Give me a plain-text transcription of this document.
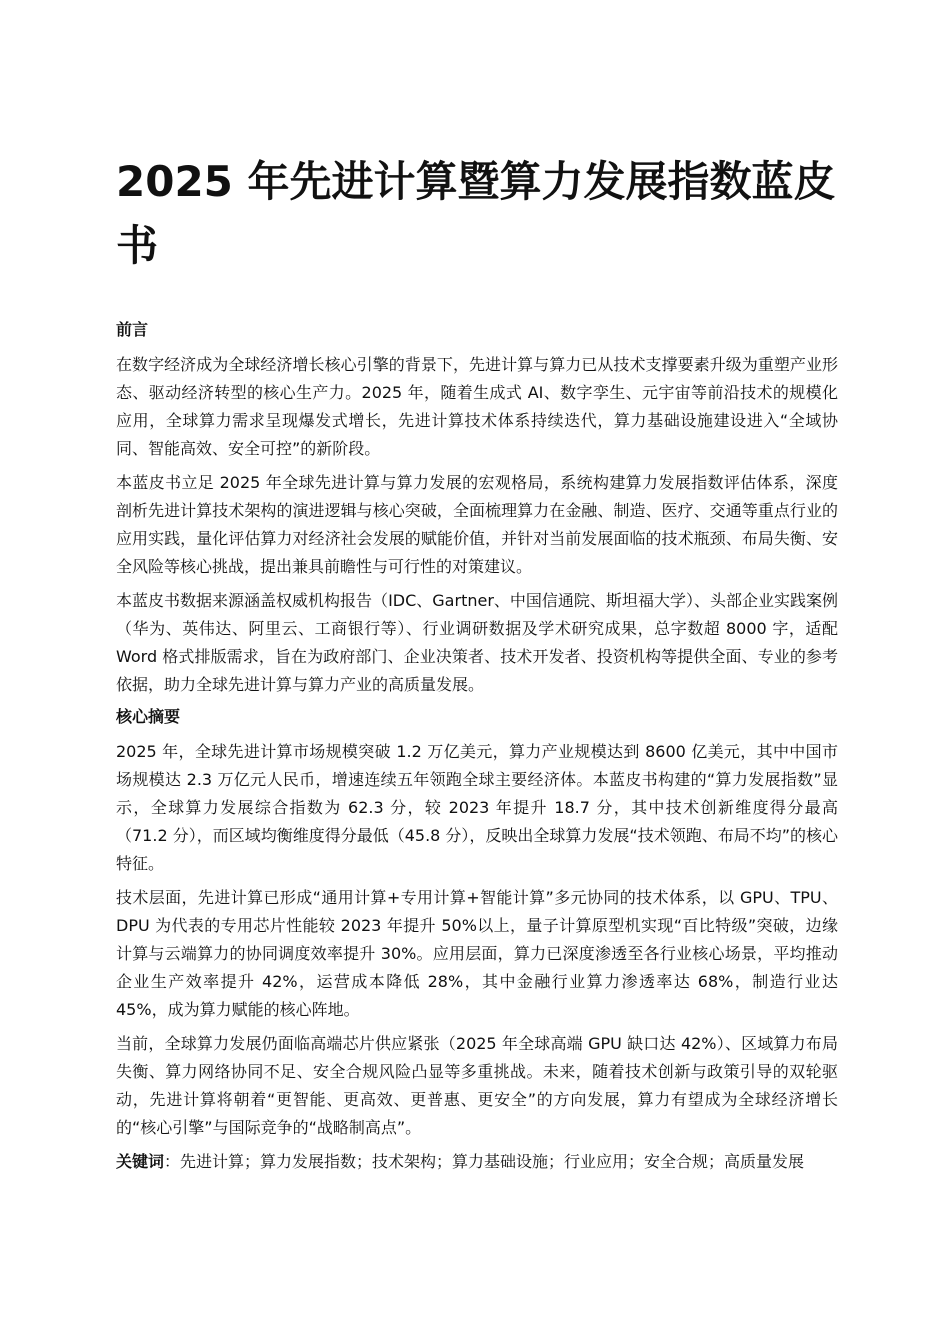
2025 年先进计算暨算力发展指数蓝皮书
前言

在数字经济成为全球经济增长核心引擎的背景下，先进计算与算力已从技术支撑要素升级为重塑产业形态、驱动经济转型的核心生产力。2025 年，随着生成式 AI、数字孪生、元宇宙等前沿技术的规模化应用，全球算力需求呈现爆发式增长，先进计算技术体系持续迭代，算力基础设施建设进入“全域协同、智能高效、安全可控”的新阶段。

本蓝皮书立足 2025 年全球先进计算与算力发展的宏观格局，系统构建算力发展指数评估体系，深度剖析先进计算技术架构的演进逻辑与核心突破，全面梳理算力在金融、制造、医疗、交通等重点行业的应用实践，量化评估算力对经济社会发展的赋能价值，并针对当前发展面临的技术瓶颈、布局失衡、安全风险等核心挑战，提出兼具前瞻性与可行性的对策建议。

本蓝皮书数据来源涵盖权威机构报告（IDC、Gartner、中国信通院、斯坦福大学）、头部企业实践案例（华为、英伟达、阿里云、工商银行等）、行业调研数据及学术研究成果，总字数超 8000 字，适配 Word 格式排版需求，旨在为政府部门、企业决策者、技术开发者、投资机构等提供全面、专业的参考依据，助力全球先进计算与算力产业的高质量发展。

核心摘要

2025 年，全球先进计算市场规模突破 1.2 万亿美元，算力产业规模达到 8600 亿美元，其中中国市场规模达 2.3 万亿元人民币，增速连续五年领跑全球主要经济体。本蓝皮书构建的“算力发展指数”显示，全球算力发展综合指数为 62.3 分，较 2023 年提升 18.7 分，其中技术创新维度得分最高（71.2 分），而区域均衡维度得分最低（45.8 分），反映出全球算力发展“技术领跑、布局不均”的核心特征。

技术层面，先进计算已形成“通用计算+专用计算+智能计算”多元协同的技术体系，以 GPU、TPU、DPU 为代表的专用芯片性能较 2023 年提升 50%以上，量子计算原型机实现“百比特级”突破，边缘计算与云端算力的协同调度效率提升 30%。应用层面，算力已深度渗透至各行业核心场景，平均推动企业生产效率提升 42%，运营成本降低 28%，其中金融行业算力渗透率达 68%，制造行业达 45%，成为算力赋能的核心阵地。

当前，全球算力发展仍面临高端芯片供应紧张（2025 年全球高端 GPU 缺口达 42%）、区域算力布局失衡、算力网络协同不足、安全合规风险凸显等多重挑战。未来，随着技术创新与政策引导的双轮驱动，先进计算将朝着“更智能、更高效、更普惠、更安全”的方向发展，算力有望成为全球经济增长的“核心引擎”与国际竞争的“战略制高点”。

关键词：先进计算；算力发展指数；技术架构；算力基础设施；行业应用；安全合规；高质量发展
